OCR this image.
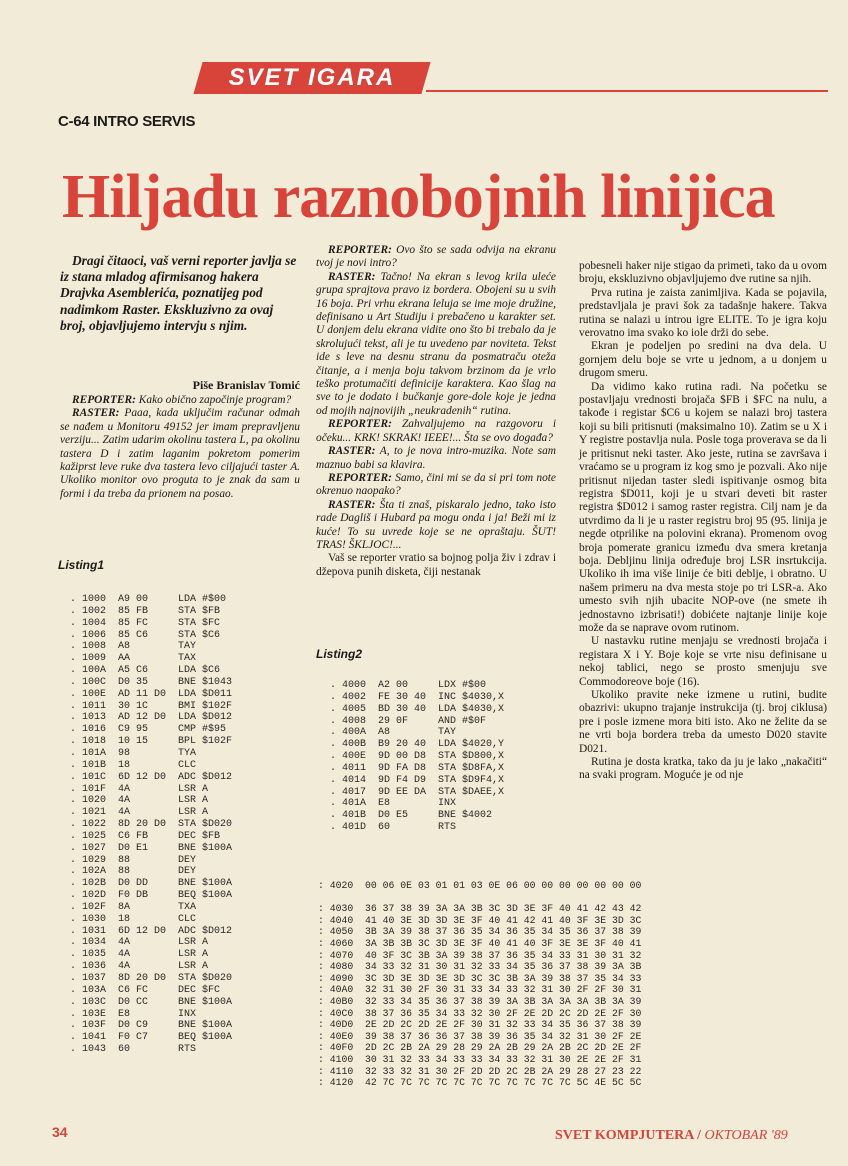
SVET IGARA
C-64 INTRO SERVIS
Hiljadu raznobojnih linijica

Dragi čitaoci, vaš verni reporter javlja se iz stana mladog afirmisanog hakera Drajvka Asemblerića, poznatijeg pod nadimkom Raster. Ekskluzivno za ovaj broj, objavljujemo intervju s njim.

Piše Branislav Tomić

REPORTER: Kako obično započinje program?

RASTER: Paaa, kada uključim računar odmah se nađem u Monitoru 49152 jer imam prepravljenu verziju... Zatim udarim okolinu tastera L, pa okolinu tastera D i zatim laganim pokretom pomerim kažiprst leve ruke dva tastera levo ciljajući taster A. Ukoliko monitor ovo proguta to je znak da sam u formi i da treba da prionem na posao.

REPORTER: Ovo što se sada odvija na ekranu tvoj je novi intro?

RASTER: Tačno! Na ekran s levog krila uleće grupa sprajtova pravo iz bordera. Obojeni su u svih 16 boja. Pri vrhu ekrana leluja se ime moje družine, definisano u Art Studiju i prebačeno u karakter set. U donjem delu ekrana vidite ono što bi trebalo da je skrolujući tekst, ali je tu uvedeno par noviteta. Tekst ide s leve na desnu stranu da posmatraču oteža čitanje, a i menja boju takvom brzinom da je vrlo teško protumačiti definicije karaktera. Kao šlag na sve to je dodato i bučkanje gore-dole koje je jedna od mojih najnovijih „neukradenih“ rutina.

REPORTER: Zahvaljujemo na razgovoru i očeku... KRK! SKRAK! IEEE!... Šta se ovo događa?

RASTER: A, to je nova intro-muzika. Note sam maznuo babi sa klavira.

REPORTER: Samo, čini mi se da si pri tom note okrenuo naopako?

RASTER: Šta ti znaš, piskaralo jedno, tako isto rade Dagliš i Hubard pa mogu onda i ja! Beži mi iz kuće! To su uvrede koje se ne opraštaju. ŠUT! TRAS! ŠKLJOC!...

Vaš se reporter vratio sa bojnog polja živ i zdrav i džepova punih disketa, čiji nestanak

pobesneli haker nije stigao da primeti, tako da u ovom broju, ekskluzivno objavljujemo dve rutine sa njih.

Prva rutina je zaista zanimljiva. Kada se pojavila, predstavljala je pravi šok za tadašnje hakere. Takva rutina se nalazi u introu igre ELITE. To je igra koju verovatno ima svako ko iole drži do sebe.

Ekran je podeljen po sredini na dva dela. U gornjem delu boje se vrte u jednom, a u donjem u drugom smeru.

Da vidimo kako rutina radi. Na početku se postavljaju vrednosti brojača $FB i $FC na nulu, a takođe i registar $C6 u kojem se nalazi broj tastera koji su bili pritisnuti (maksimalno 10). Zatim se u X i Y registre postavlja nula. Posle toga proverava se da li je pritisnut neki taster. Ako jeste, rutina se završava i vraćamo se u program iz kog smo je pozvali. Ako nije pritisnut nijedan taster sledi ispitivanje osmog bita registra $D011, koji je u stvari deveti bit raster registra $D012 i samog raster registra. Cilj nam je da utvrdimo da li je u raster registru broj 95 (95. linija je negde otprilike na polovini ekrana). Promenom ovog broja pomerate granicu između dva smera kretanja boja. Debljinu linija određuje broj LSR insrtukcija. Ukoliko ih ima više linije će biti deblje, i obratno. U našem primeru na dva mesta stoje po tri LSR-a. Ako umesto svih njih ubacite NOP-ove (ne smete ih jednostavno izbrisati!) dobićete najtanje linije koje može da se naprave ovom rutinom.

U nastavku rutine menjaju se vrednosti brojača i registara X i Y. Boje koje se vrte nisu definisane u nekoj tablici, nego se prosto smenjuju sve Commodoreove boje (16).

Ukoliko pravite neke izmene u rutini, budite obazrivi: ukupno trajanje instrukcija (tj. broj ciklusa) pre i posle izmene mora biti isto. Ako ne želite da se ne vrti boja bordera treba da umesto D020 stavite D021.

Rutina je dosta kratka, tako da ju je lako „nakačiti“ na svaki program. Moguće je od nje

Listing1
. 1000  A9 00     LDA #$00
. 1002  85 FB     STA $FB
. 1004  85 FC     STA $FC
. 1006  85 C6     STA $C6
. 1008  A8        TAY
. 1009  AA        TAX
. 100A  A5 C6     LDA $C6
. 100C  D0 35     BNE $1043
. 100E  AD 11 D0  LDA $D011
. 1011  30 1C     BMI $102F
. 1013  AD 12 D0  LDA $D012
. 1016  C9 95     CMP #$95
. 1018  10 15     BPL $102F
. 101A  98        TYA
. 101B  18        CLC
. 101C  6D 12 D0  ADC $D012
. 101F  4A        LSR A
. 1020  4A        LSR A
. 1021  4A        LSR A
. 1022  8D 20 D0  STA $D020
. 1025  C6 FB     DEC $FB
. 1027  D0 E1     BNE $100A
. 1029  88        DEY
. 102A  88        DEY
. 102B  D0 DD     BNE $100A
. 102D  F0 DB     BEQ $100A
. 102F  8A        TXA
. 1030  18        CLC
. 1031  6D 12 D0  ADC $D012
. 1034  4A        LSR A
. 1035  4A        LSR A
. 1036  4A        LSR A
. 1037  8D 20 D0  STA $D020
. 103A  C6 FC     DEC $FC
. 103C  D0 CC     BNE $100A
. 103E  E8        INX
. 103F  D0 C9     BNE $100A
. 1041  F0 C7     BEQ $100A
. 1043  60        RTS
Listing2
. 4000  A2 00     LDX #$00
. 4002  FE 30 40  INC $4030,X
. 4005  BD 30 40  LDA $4030,X
. 4008  29 0F     AND #$0F
. 400A  A8        TAY
. 400B  B9 20 40  LDA $4020,Y
. 400E  9D 00 D8  STA $D800,X
. 4011  9D FA D8  STA $D8FA,X
. 4014  9D F4 D9  STA $D9F4,X
. 4017  9D EE DA  STA $DAEE,X
. 401A  E8        INX
. 401B  D0 E5     BNE $4002
. 401D  60        RTS
: 4020  00 06 0E 03 01 01 03 0E 06 00 00 00 00 00 00 00
: 4030  36 37 38 39 3A 3A 3B 3C 3D 3E 3F 40 41 42 43 42
: 4040  41 40 3E 3D 3D 3E 3F 40 41 42 41 40 3F 3E 3D 3C
: 4050  3B 3A 39 38 37 36 35 34 36 35 34 35 36 37 38 39
: 4060  3A 3B 3B 3C 3D 3E 3F 40 41 40 3F 3E 3E 3F 40 41
: 4070  40 3F 3C 3B 3A 39 38 37 36 35 34 33 31 30 31 32
: 4080  34 33 32 31 30 31 32 33 34 35 36 37 38 39 3A 3B
: 4090  3C 3D 3E 3D 3E 3D 3C 3C 3B 3A 39 38 37 35 34 33
: 40A0  32 31 30 2F 30 31 33 34 33 32 31 30 2F 2F 30 31
: 40B0  32 33 34 35 36 37 38 39 3A 3B 3A 3A 3A 3B 3A 39
: 40C0  38 37 36 35 34 33 32 30 2F 2E 2D 2C 2D 2E 2F 30
: 40D0  2E 2D 2C 2D 2E 2F 30 31 32 33 34 35 36 37 38 39
: 40E0  39 38 37 36 36 37 38 39 36 35 34 32 31 30 2F 2E
: 40F0  2D 2C 2B 2A 29 28 29 2A 2B 29 2A 2B 2C 2D 2E 2F
: 4100  30 31 32 33 34 33 33 34 33 32 31 30 2E 2E 2F 31
: 4110  32 33 32 31 30 2F 2D 2D 2C 2B 2A 29 28 27 23 22
: 4120  42 7C 7C 7C 7C 7C 7C 7C 7C 7C 7C 7C 5C 4E 5C 5C
34	SVET KOMPJUTERA / OKTOBAR '89
